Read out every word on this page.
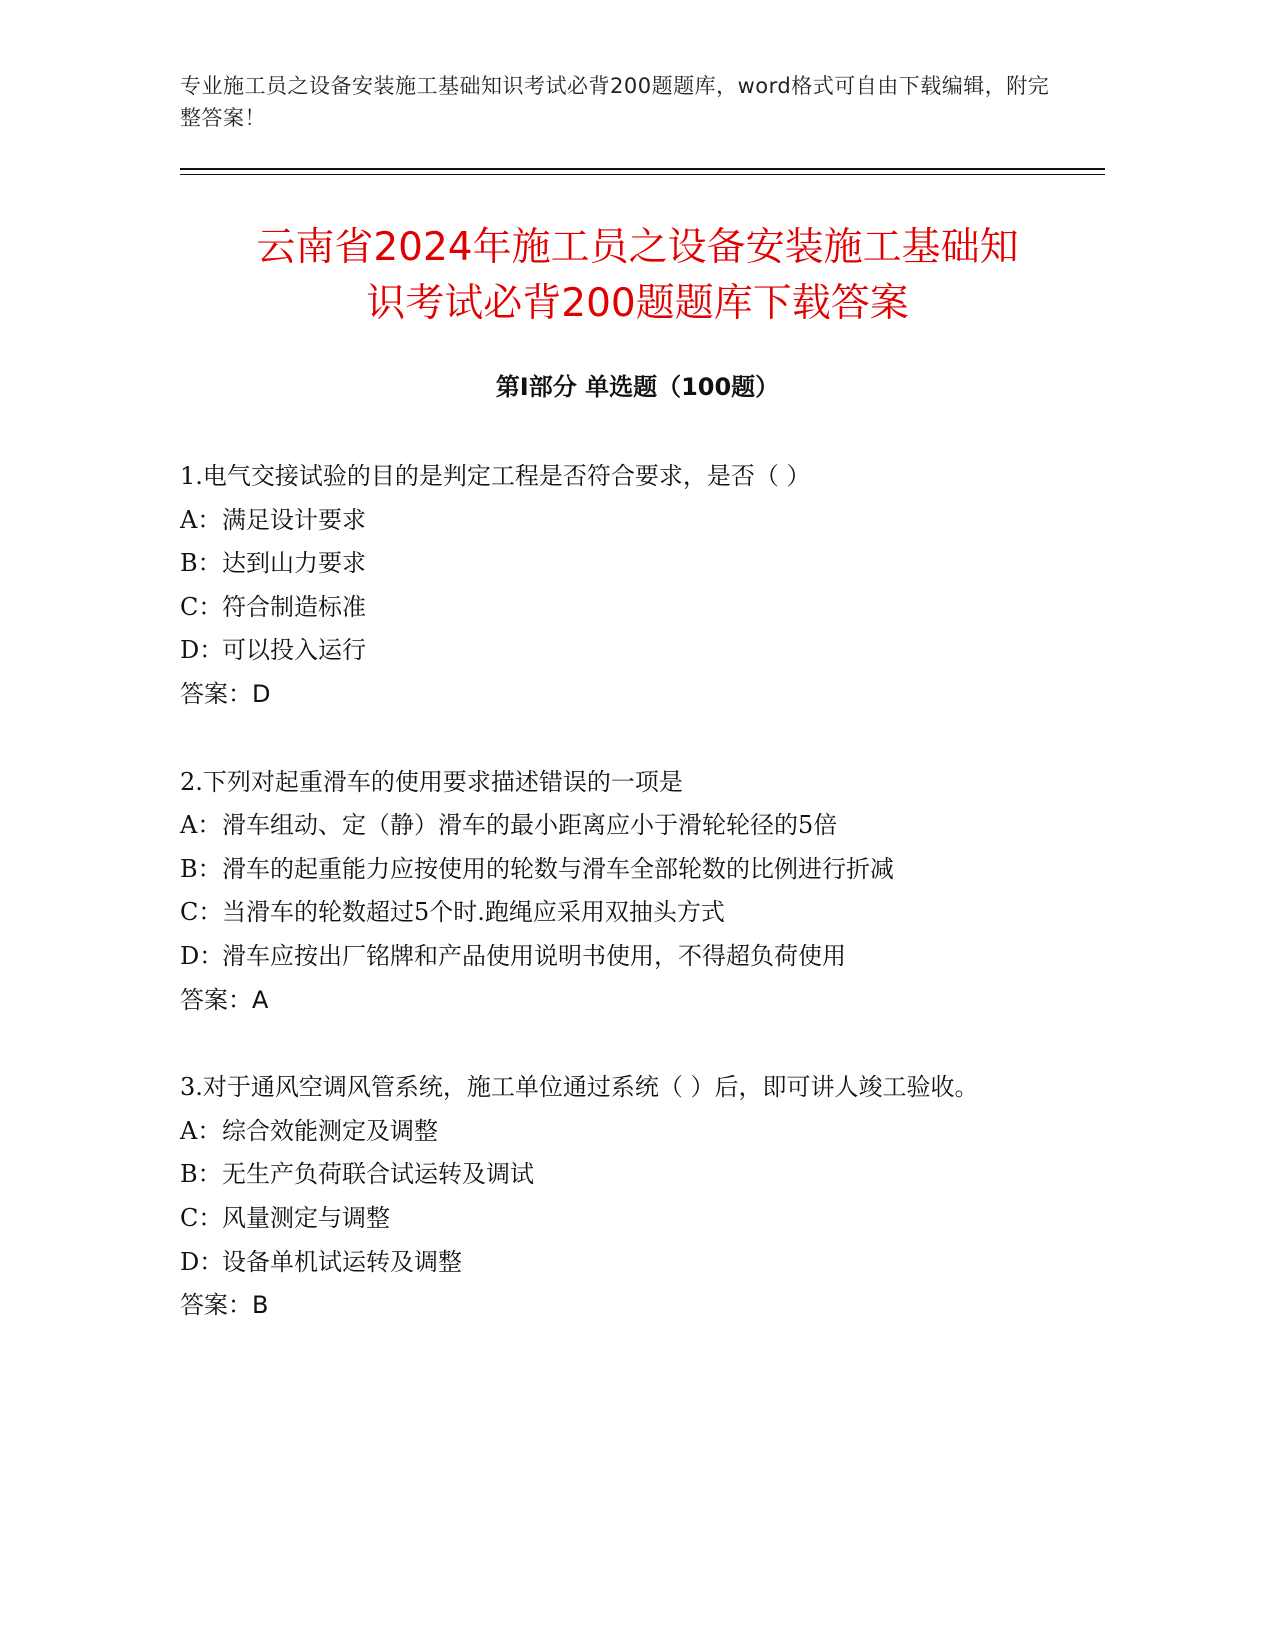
专业施工员之设备安装施工基础知识考试必背200题题库，word格式可自由下载编辑，附完整答案！
云南省2024年施工员之设备安装施工基础知
识考试必背200题题库下载答案
第I部分 单选题（100题）
1.电气交接试验的目的是判定工程是否符合要求，是否（ ）
A：满足设计要求
B：达到山力要求
C：符合制造标准
D：可以投入运行
答案：D
2.下列对起重滑车的使用要求描述错误的一项是
A：滑车组动、定（静）滑车的最小距离应小于滑轮轮径的5倍
B：滑车的起重能力应按使用的轮数与滑车全部轮数的比例进行折减
C：当滑车的轮数超过5个时.跑绳应采用双抽头方式
D：滑车应按出厂铭牌和产品使用说明书使用，不得超负荷使用
答案：A
3.对于通风空调风管系统，施工单位通过系统（ ）后，即可讲人竣工验收。
A：综合效能测定及调整
B：无生产负荷联合试运转及调试
C：风量测定与调整
D：设备单机试运转及调整
答案：B
